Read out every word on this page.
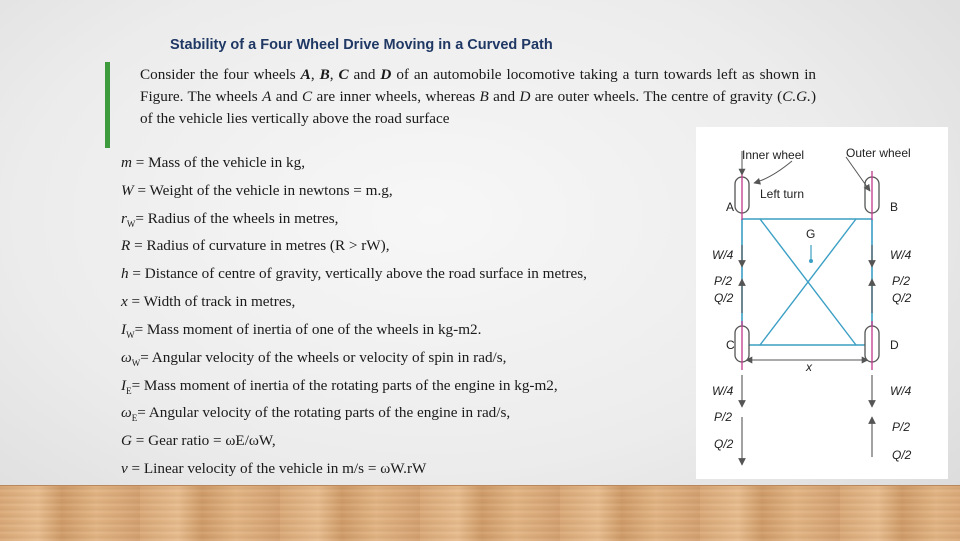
Stability of a Four Wheel Drive Moving in a Curved Path
Consider the four wheels A, B, C and D of an automobile locomotive taking a turn towards left as shown in Figure. The wheels A and C are inner wheels, whereas B and D are outer wheels. The centre of gravity (C.G.) of the vehicle lies vertically above the road surface
m = Mass of the vehicle in kg,
W = Weight of the vehicle in newtons = m.g,
$r_W=$ Radius of the wheels in metres,
R = Radius of curvature in metres (R > rW),
h = Distance of centre of gravity, vertically above the road surface in metres,
x = Width of track in metres,
$I_W=$ Mass moment of inertia of one of the wheels in kg-m2.
$\omega_W=$ Angular velocity of the wheels or velocity of spin in rad/s,
$I_E=$ Mass moment of inertia of the rotating parts of the engine in kg-m2,
$\omega_E=$ Angular velocity of the rotating parts of the engine in rad/s,
G = Gear ratio = ωE/ωW,
v = Linear velocity of the vehicle in m/s = ωW.rW
Inner wheel	Outer wheel
Left turn
A	B
G
C	D
x
W/4
P/2
Q/2
W/4
P/2
Q/2
W/4
P/2
Q/2
W/4
P/2
Q/2
